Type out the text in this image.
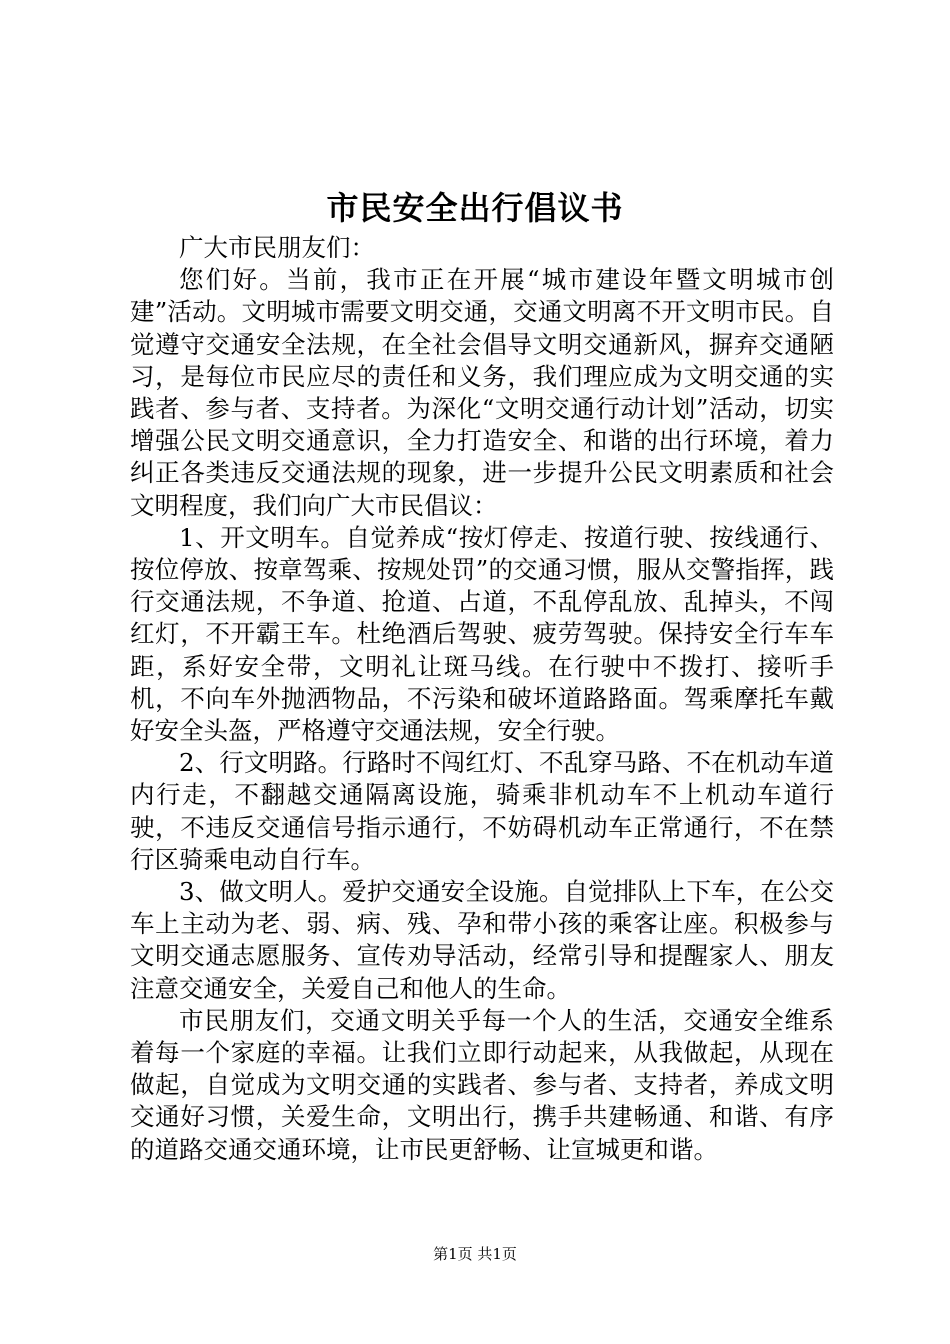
市民安全出行倡议书

广大市民朋友们：

您们好。当前，我市正在开展“城市建设年暨文明城市创建”活动。文明城市需要文明交通，交通文明离不开文明市民。自觉遵守交通安全法规，在全社会倡导文明交通新风，摒弃交通陋习，是每位市民应尽的责任和义务，我们理应成为文明交通的实践者、参与者、支持者。为深化“文明交通行动计划”活动，切实增强公民文明交通意识，全力打造安全、和谐的出行环境，着力纠正各类违反交通法规的现象，进一步提升公民文明素质和社会文明程度，我们向广大市民倡议：

1、开文明车。自觉养成“按灯停走、按道行驶、按线通行、按位停放、按章驾乘、按规处罚”的交通习惯，服从交警指挥，践行交通法规，不争道、抢道、占道，不乱停乱放、乱掉头，不闯红灯，不开霸王车。杜绝酒后驾驶、疲劳驾驶。保持安全行车车距，系好安全带，文明礼让斑马线。在行驶中不拨打、接听手机，不向车外抛洒物品，不污染和破坏道路路面。驾乘摩托车戴好安全头盔，严格遵守交通法规，安全行驶。

2、行文明路。行路时不闯红灯、不乱穿马路、不在机动车道内行走，不翻越交通隔离设施，骑乘非机动车不上机动车道行驶，不违反交通信号指示通行，不妨碍机动车正常通行，不在禁行区骑乘电动自行车。

3、做文明人。爱护交通安全设施。自觉排队上下车，在公交车上主动为老、弱、病、残、孕和带小孩的乘客让座。积极参与文明交通志愿服务、宣传劝导活动，经常引导和提醒家人、朋友注意交通安全，关爱自己和他人的生命。

市民朋友们，交通文明关乎每一个人的生活，交通安全维系着每一个家庭的幸福。让我们立即行动起来，从我做起，从现在做起，自觉成为文明交通的实践者、参与者、支持者，养成文明交通好习惯，关爱生命，文明出行，携手共建畅通、和谐、有序的道路交通交通环境，让市民更舒畅、让宣城更和谐。

第1页 共1页
